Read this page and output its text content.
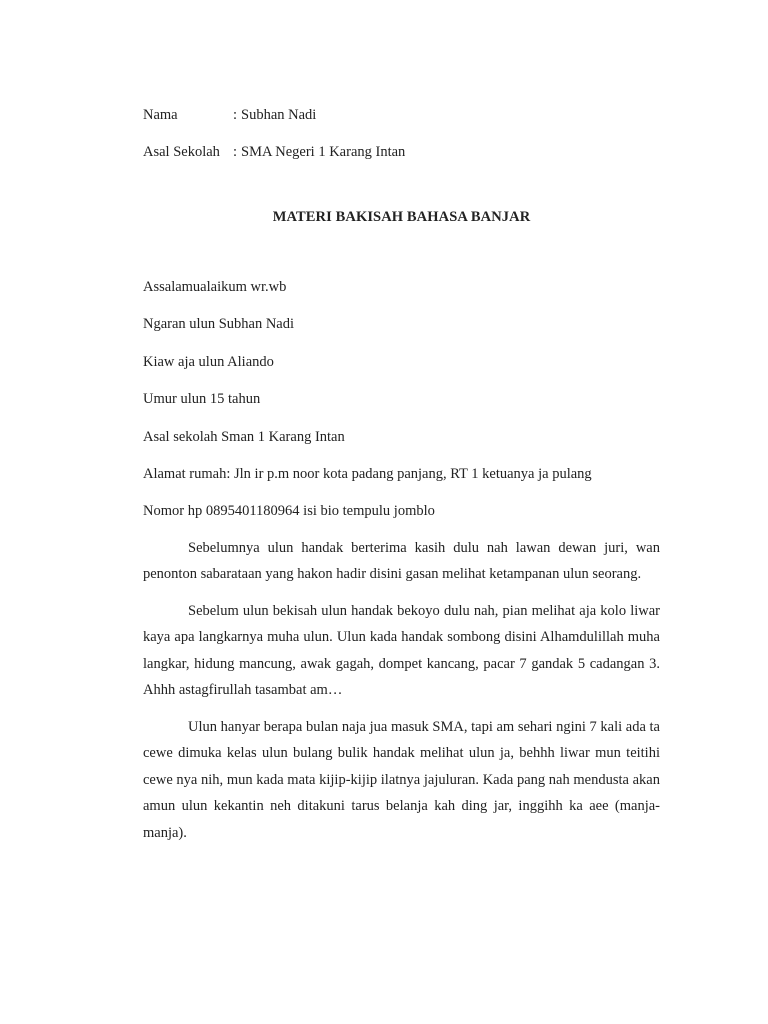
Nama	: Subhan Nadi
Asal Sekolah : SMA Negeri 1 Karang Intan
MATERI BAKISAH BAHASA BANJAR
Assalamualaikum wr.wb
Ngaran ulun Subhan Nadi
Kiaw aja ulun Aliando
Umur ulun 15 tahun
Asal sekolah Sman 1 Karang Intan
Alamat rumah: Jln ir p.m noor kota padang panjang, RT 1 ketuanya ja pulang
Nomor hp 0895401180964 isi bio tempulu jomblo

Sebelumnya ulun handak berterima kasih dulu nah lawan dewan juri, wan penonton sabarataan yang hakon hadir disini gasan melihat ketampanan ulun seorang.

Sebelum ulun bekisah ulun handak bekoyo dulu nah, pian melihat aja kolo liwar kaya apa langkarnya muha ulun. Ulun kada handak sombong disini Alhamdulillah muha langkar, hidung mancung, awak gagah, dompet kancang, pacar 7 gandak 5 cadangan 3. Ahhh astagfirullah tasambat am…

Ulun hanyar berapa bulan naja jua masuk SMA, tapi am sehari ngini 7 kali ada ta cewe dimuka kelas ulun bulang bulik handak melihat ulun ja, behhh liwar mun teitihi cewe nya nih, mun kada mata kijip-kijip ilatnya jajuluran. Kada pang nah mendusta akan amun ulun kekantin neh ditakuni tarus belanja kah ding jar, inggihh ka aee (manja-manja).
